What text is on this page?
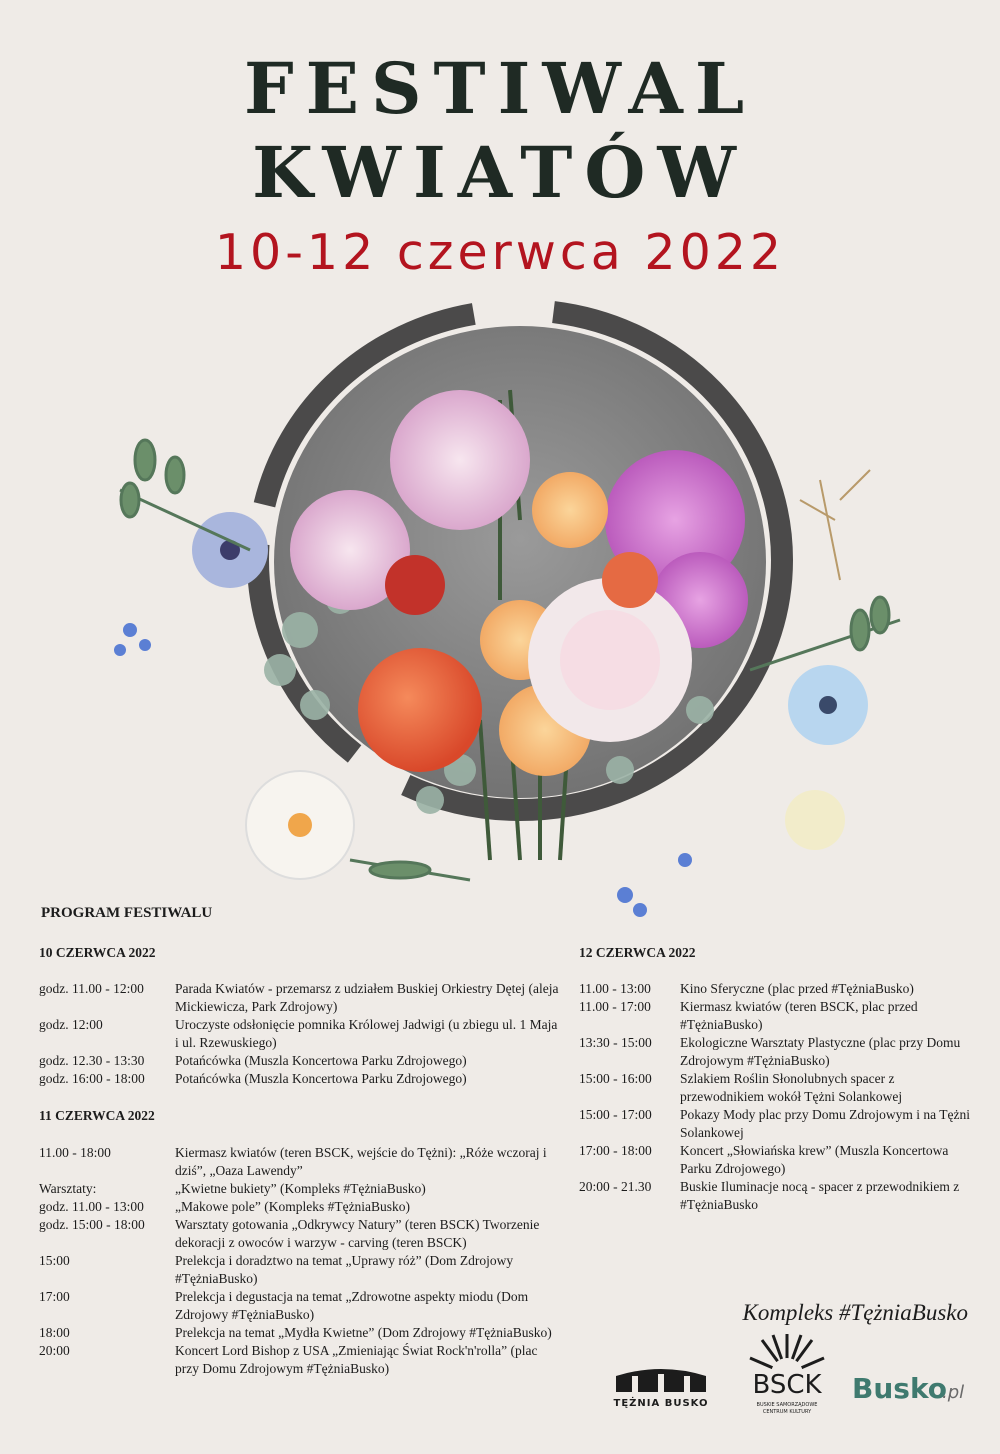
FESTIWAL
KWIATÓW
10-12 czerwca 2022
PROGRAM FESTIWALU
10 CZERWCA 2022
godz. 11.00 - 12:00	Parada Kwiatów - przemarsz z udziałem Buskiej Orkiestry Dętej (aleja Mickiewicza, Park Zdrojowy)
godz. 12:00	Uroczyste odsłonięcie pomnika Królowej Jadwigi (u zbiegu ul. 1 Maja i ul. Rzewuskiego)
godz. 12.30 - 13:30	Potańcówka (Muszla Koncertowa Parku Zdrojowego)
godz. 16:00 - 18:00	Potańcówka (Muszla Koncertowa Parku Zdrojowego)
11 CZERWCA 2022
11.00 - 18:00	Kiermasz kwiatów (teren BSCK, wejście do Tężni): „Róże wczoraj i dziś”, „Oaza Lawendy”
Warsztaty:	„Kwietne bukiety” (Kompleks #TężniaBusko)
godz. 11.00 - 13:00	„Makowe pole” (Kompleks #TężniaBusko)
godz. 15:00 - 18:00	Warsztaty gotowania „Odkrywcy Natury” (teren BSCK) Tworzenie dekoracji z owoców i warzyw - carving (teren BSCK)
15:00	Prelekcja i doradztwo na temat „Uprawy róż” (Dom Zdrojowy #TężniaBusko)
17:00	Prelekcja i degustacja na temat „Zdrowotne aspekty miodu (Dom Zdrojowy #TężniaBusko)
18:00	Prelekcja na temat „Mydła Kwietne” (Dom Zdrojowy #TężniaBusko)
20:00	Koncert Lord Bishop z USA „Zmieniając Świat Rock'n'rolla” (plac przy Domu Zdrojowym #TężniaBusko)
12 CZERWCA 2022
11.00 - 13:00	Kino Sferyczne (plac przed #TężniaBusko)
11.00 - 17:00	Kiermasz kwiatów (teren BSCK, plac przed #TężniaBusko)
13:30 - 15:00	Ekologiczne Warsztaty Plastyczne (plac przy Domu Zdrojowym #TężniaBusko)
15:00 - 16:00	Szlakiem Roślin Słonolubnych spacer z przewodnikiem wokół Tężni Solankowej
15:00 - 17:00	Pokazy Mody plac przy Domu Zdrojowym i na Tężni Solankowej
17:00 - 18:00	Koncert „Słowiańska krew” (Muszla Koncertowa Parku Zdrojowego)
20:00 - 21.30	Buskie Iluminacje nocą - spacer z przewodnikiem z #TężniaBusko
Kompleks #TężniaBusko
TĘŻNIA BUSKO
BSCK
BUSKIE SAMORZĄDOWE
CENTRUM KULTURY
Busko
.pl
